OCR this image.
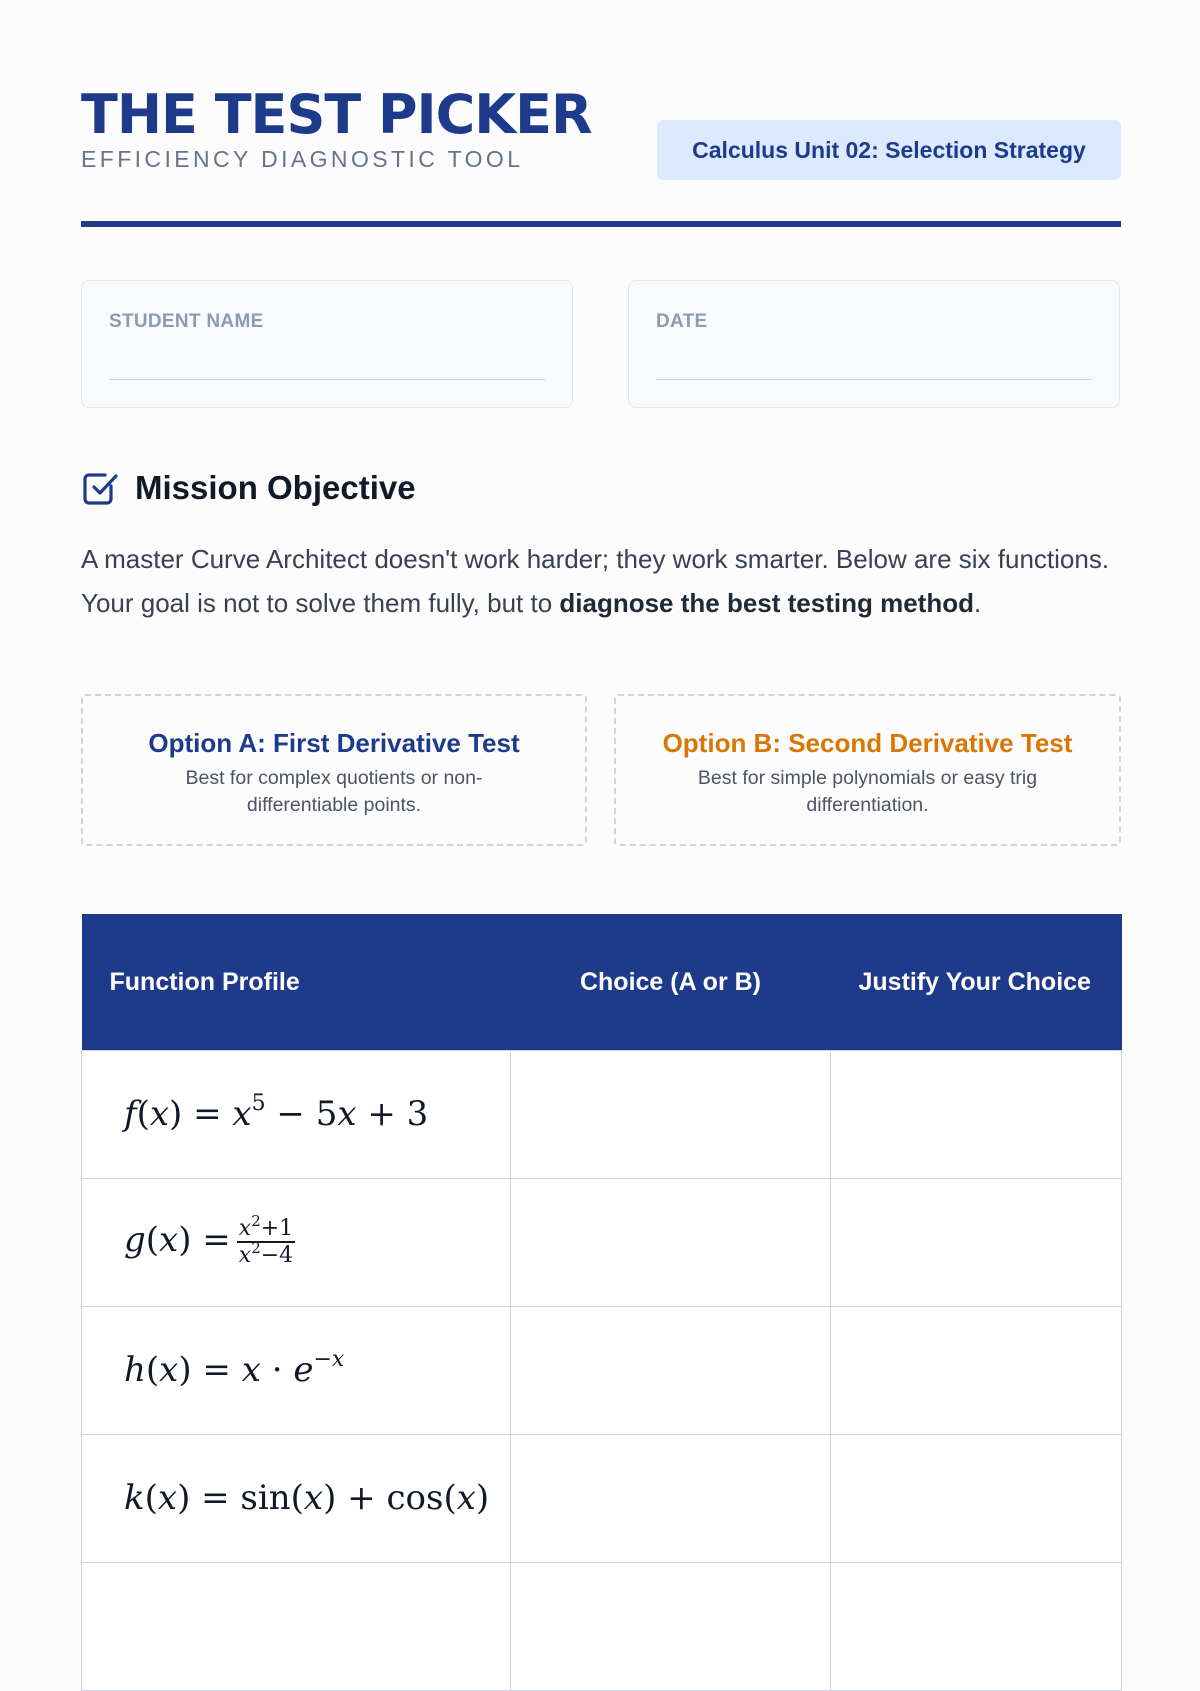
THE TEST PICKER
EFFICIENCY DIAGNOSTIC TOOL	Calculus Unit 02: Selection Strategy
STUDENT NAME	DATE
Mission Objective

A master Curve Architect doesn't work harder; they work smarter. Below are six functions. Your goal is not to solve them fully, but to diagnose the best testing method.

Option A: First Derivative Test
Best for complex quotients or non-differentiable points.
Option B: Second Derivative Test
Best for simple polynomials or easy trig differentiation.
Function Profile	Choice (A or B)	Justify Your Choice
$f(x) = x^5 - 5x + 3$		
$g(x) = \frac{x^2+1}{x^2-4}$

$h(x) = x \cdot e^{-x}$		
k(x) = sin(x) + cos(x)		
